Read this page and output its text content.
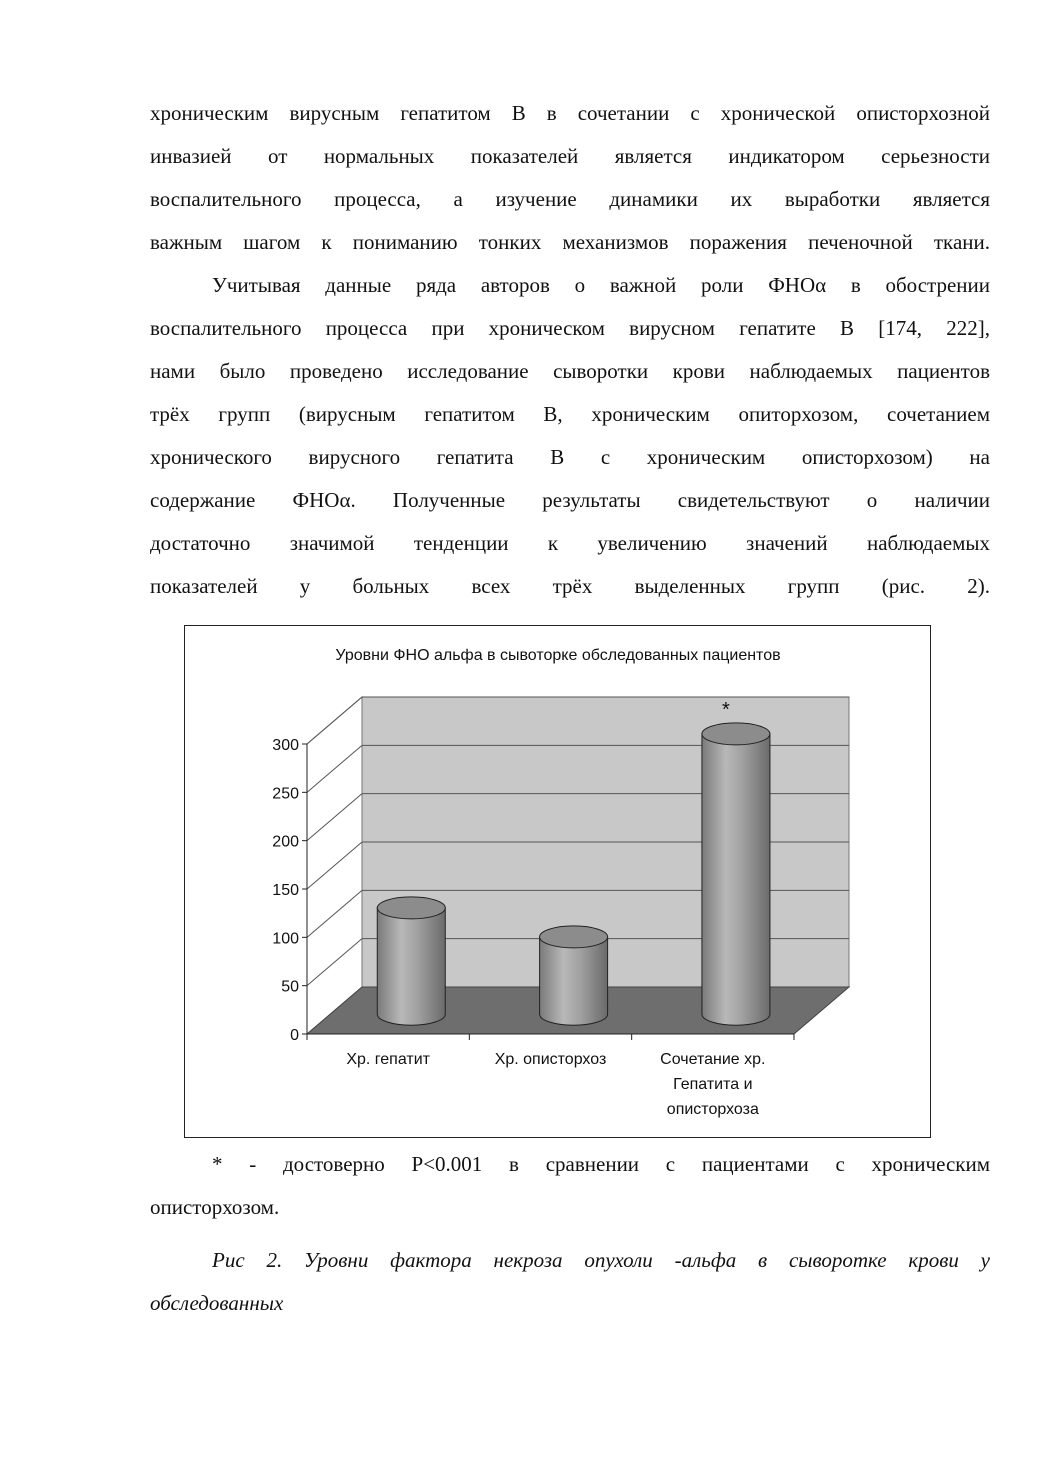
хроническим вирусным гепатитом В в сочетании с хронической описторхозной
инвазией от нормальных показателей является индикатором серьезности
воспалительного процесса, а изучение динамики их выработки является
важным шагом к пониманию тонких механизмов поражения печеночной ткани.
Учитывая данные ряда авторов о важной роли ФНОα в обострении
воспалительного процесса при хроническом вирусном гепатите В [174, 222],
нами было проведено исследование сыворотки крови наблюдаемых пациентов
трёх групп (вирусным гепатитом В, хроническим опиторхозом, сочетанием
хронического вирусного гепатита В с хроническим описторхозом) на
содержание ФНОα. Полученные результаты свидетельствуют о наличии
достаточно значимой тенденции к увеличению значений наблюдаемых
показателей у больных всех трёх выделенных групп (рис. 2).
Уровни ФНО альфа в сывоторке обследованных пациентов
0
50
100
150
200
250
300
Хр. гепатит	Хр. описторхоз
*
Сочетание хр.
Гепатита и
описторхоза
* - достоверно P<0.001 в сравнении с пациентами с хроническим
описторхозом.
Рис 2. Уровни фактора некроза опухоли -альфа в сыворотке крови у
обследованных
